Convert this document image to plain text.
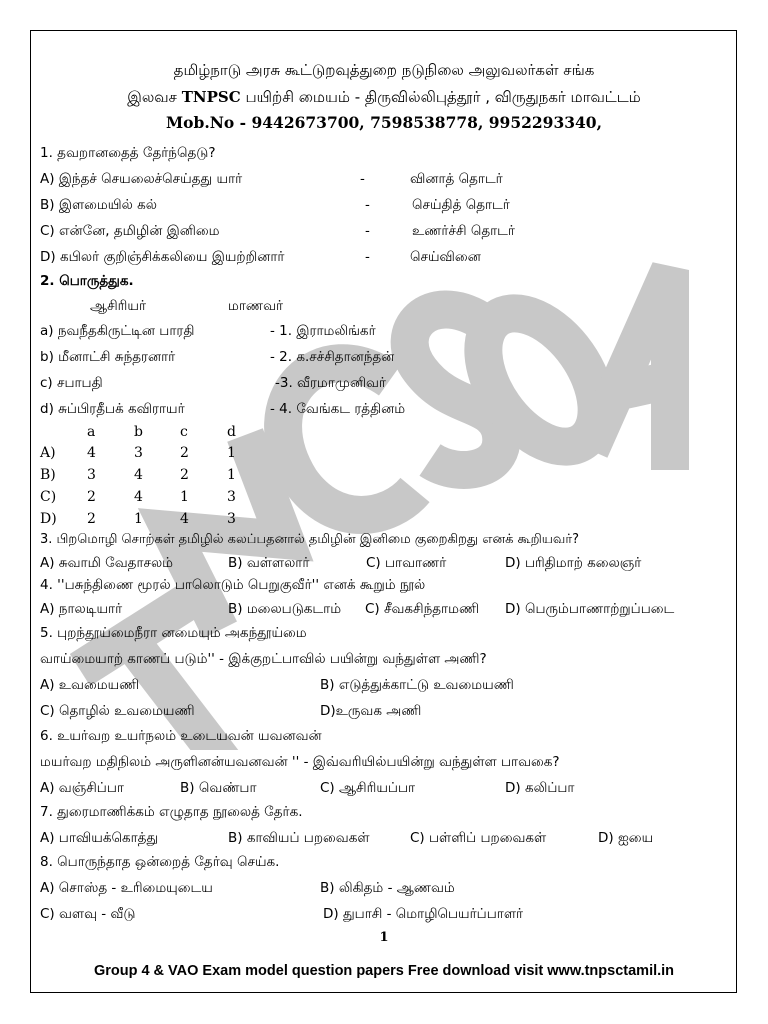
தமிழ்நாடு அரசு கூட்டுறவுத்துறை நடுநிலை அலுவலர்கள் சங்க
இலவச TNPSC பயிற்சி மையம் - திருவில்லிபுத்தூர் , விருதுநகர் மாவட்டம்
Mob.No - 9442673700, 7598538778, 9952293340,
1. தவறானதைத் தேர்ந்தெடு?
A) இந்தச் செயலைச்செய்தது யார்	-	வினாத் தொடர்
B) இளமையில் கல்	-	செய்தித் தொடர்
C) என்னே, தமிழின் இனிமை	-	உணர்ச்சி தொடர்
D) கபிலர் குறிஞ்சிக்கலியை இயற்றினார்	-	செய்வினை
2. பொருத்துக.
ஆசிரியர்	மாணவர்
a) நவநீதகிருட்டின பாரதி	- 1. இராமலிங்கர்
b) மீனாட்சி சுந்தரனார்	- 2. க.சச்சிதானந்தன்
c) சபாபதி	-3. வீரமாமுனிவர்
d) சுப்பிரதீபக் கவிராயர்	- 4. வேங்கட ரத்தினம்
a	b	c	d
A) 4	3	2	1
B) 3	4	2	1
C) 2	4	1	3
D) 2	1	4	3
3. பிறமொழி சொற்கள் தமிழில் கலப்பதனால் தமிழின் இனிமை குறைகிறது எனக் கூறியவர்?
A) சுவாமி வேதாசலம்	B) வள்ளலார்	C) பாவாணர்	D) பரிதிமாற் கலைஞர்
4. ''பசுந்திணை மூரல் பாலொடும் பெறுகுவீர்'' எனக் கூறும் நூல்
A) நாலடியார்	B) மலைபடுகடாம் C) சீவகசிந்தாமணி D) பெரும்பாணாற்றுப்படை
5. புறந்தூய்மைநீரா னமையும் அகந்தூய்மை
வாய்மையாற் காணப் படும்'' - இக்குறட்பாவில் பயின்று வந்துள்ள அணி?
A) உவமையணி	B) எடுத்துக்காட்டு உவமையணி
C) தொழில் உவமையணி	D)உருவக அணி
6. உயர்வற உயர்நலம் உடையவன் யவனவன்
மயர்வற மதிநிலம் அருளினன்யவனவன் '' - இவ்வரியில்பயின்று வந்துள்ள பாவகை?
A) வஞ்சிப்பா	B) வெண்பா	C) ஆசிரியப்பா	D) கலிப்பா
7. துரைமாணிக்கம் எழுதாத நூலைத் தேர்க.
A) பாவியக்கொத்து	B) காவியப் பறவைகள்	C) பள்ளிப் பறவைகள்	D) ஐயை
8. பொருந்தாத ஒன்றைத் தேர்வு செய்க.
A) சொஸ்த - உரிமையுடைய	B) லிகிதம் - ஆணவம்
C) வளவு - வீடு	D) துபாசி - மொழிபெயர்ப்பாளர்
1
Group 4 & VAO Exam model question papers Free download visit www.tnpsctamil.in
